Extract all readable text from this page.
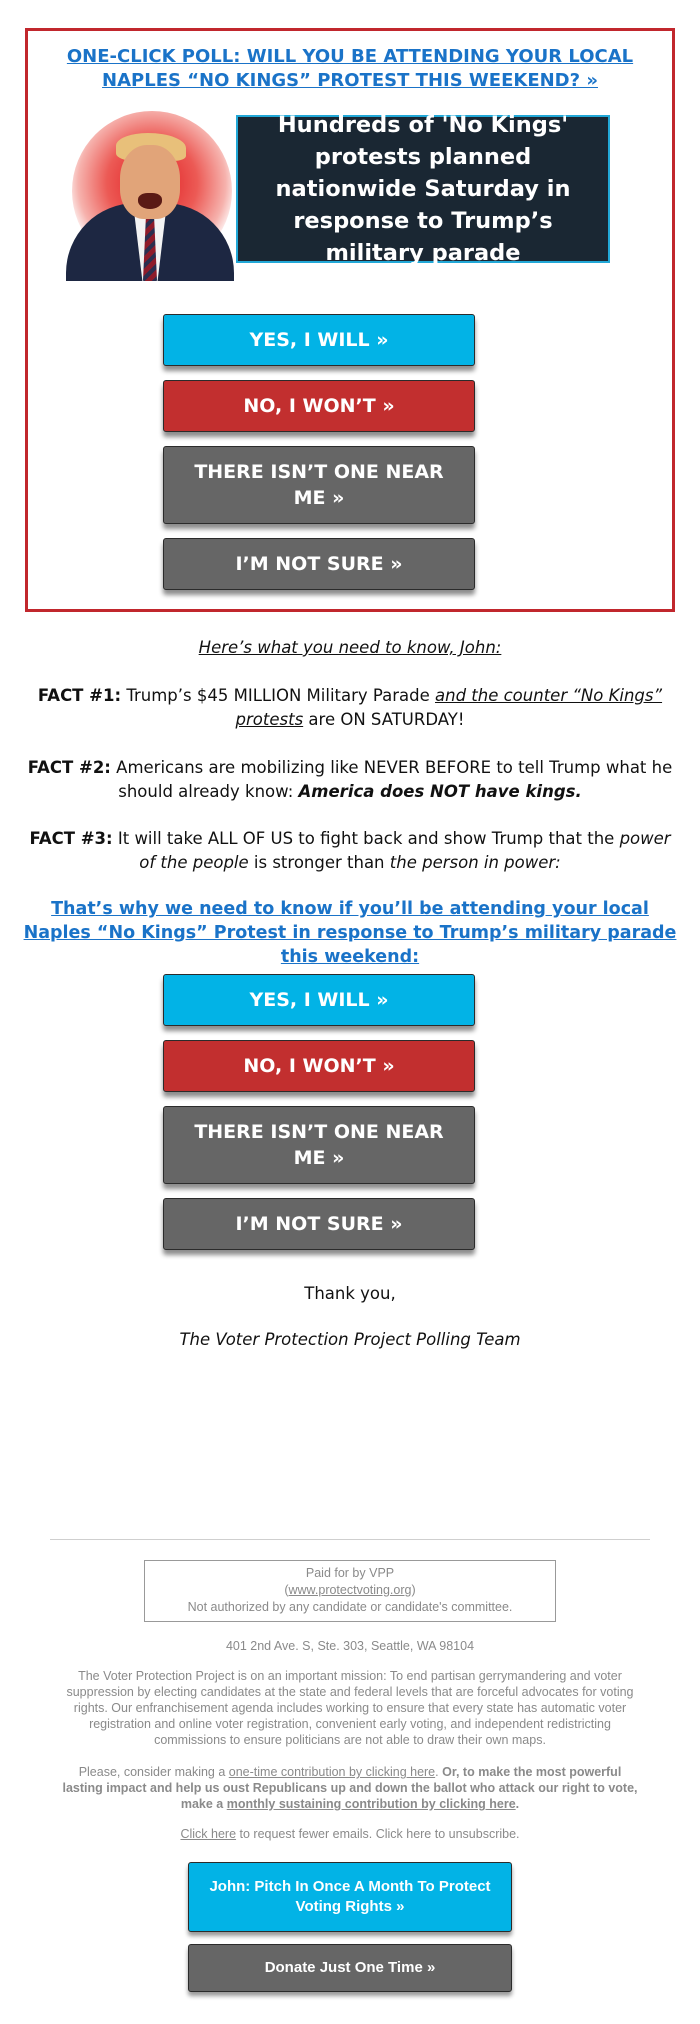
ONE-CLICK POLL: WILL YOU BE ATTENDING YOUR LOCAL NAPLES “NO KINGS” PROTEST THIS WEEKEND? »
Hundreds of 'No Kings' protests planned nationwide Saturday in response to Trump’s military parade
YES, I WILL »
NO, I WON’T »
THERE ISN’T ONE NEAR ME »
I’M NOT SURE »
Here’s what you need to know, John:
FACT #1: Trump’s $45 MILLION Military Parade and the counter “No Kings” protests are ON SATURDAY!
FACT #2: Americans are mobilizing like NEVER BEFORE to tell Trump what he should already know: America does NOT have kings.
FACT #3: It will take ALL OF US to fight back and show Trump that the power of the people is stronger than the person in power:
That’s why we need to know if you’ll be attending your local Naples “No Kings” Protest in response to Trump’s military parade this weekend:
YES, I WILL »
NO, I WON’T »
THERE ISN’T ONE NEAR ME »
I’M NOT SURE »
Thank you,
The Voter Protection Project Polling Team
Paid for by VPP
(www.protectvoting.org)
Not authorized by any candidate or candidate's committee.
401 2nd Ave. S, Ste. 303, Seattle, WA 98104
The Voter Protection Project is on an important mission: To end partisan gerrymandering and voter suppression by electing candidates at the state and federal levels that are forceful advocates for voting rights. Our enfranchisement agenda includes working to ensure that every state has automatic voter registration and online voter registration, convenient early voting, and independent redistricting commissions to ensure politicians are not able to draw their own maps.
Please, consider making a one-time contribution by clicking here. Or, to make the most powerful lasting impact and help us oust Republicans up and down the ballot who attack our right to vote, make a monthly sustaining contribution by clicking here.
Click here to request fewer emails. Click here to unsubscribe.
John: Pitch In Once A Month To Protect Voting Rights »
Donate Just One Time »
